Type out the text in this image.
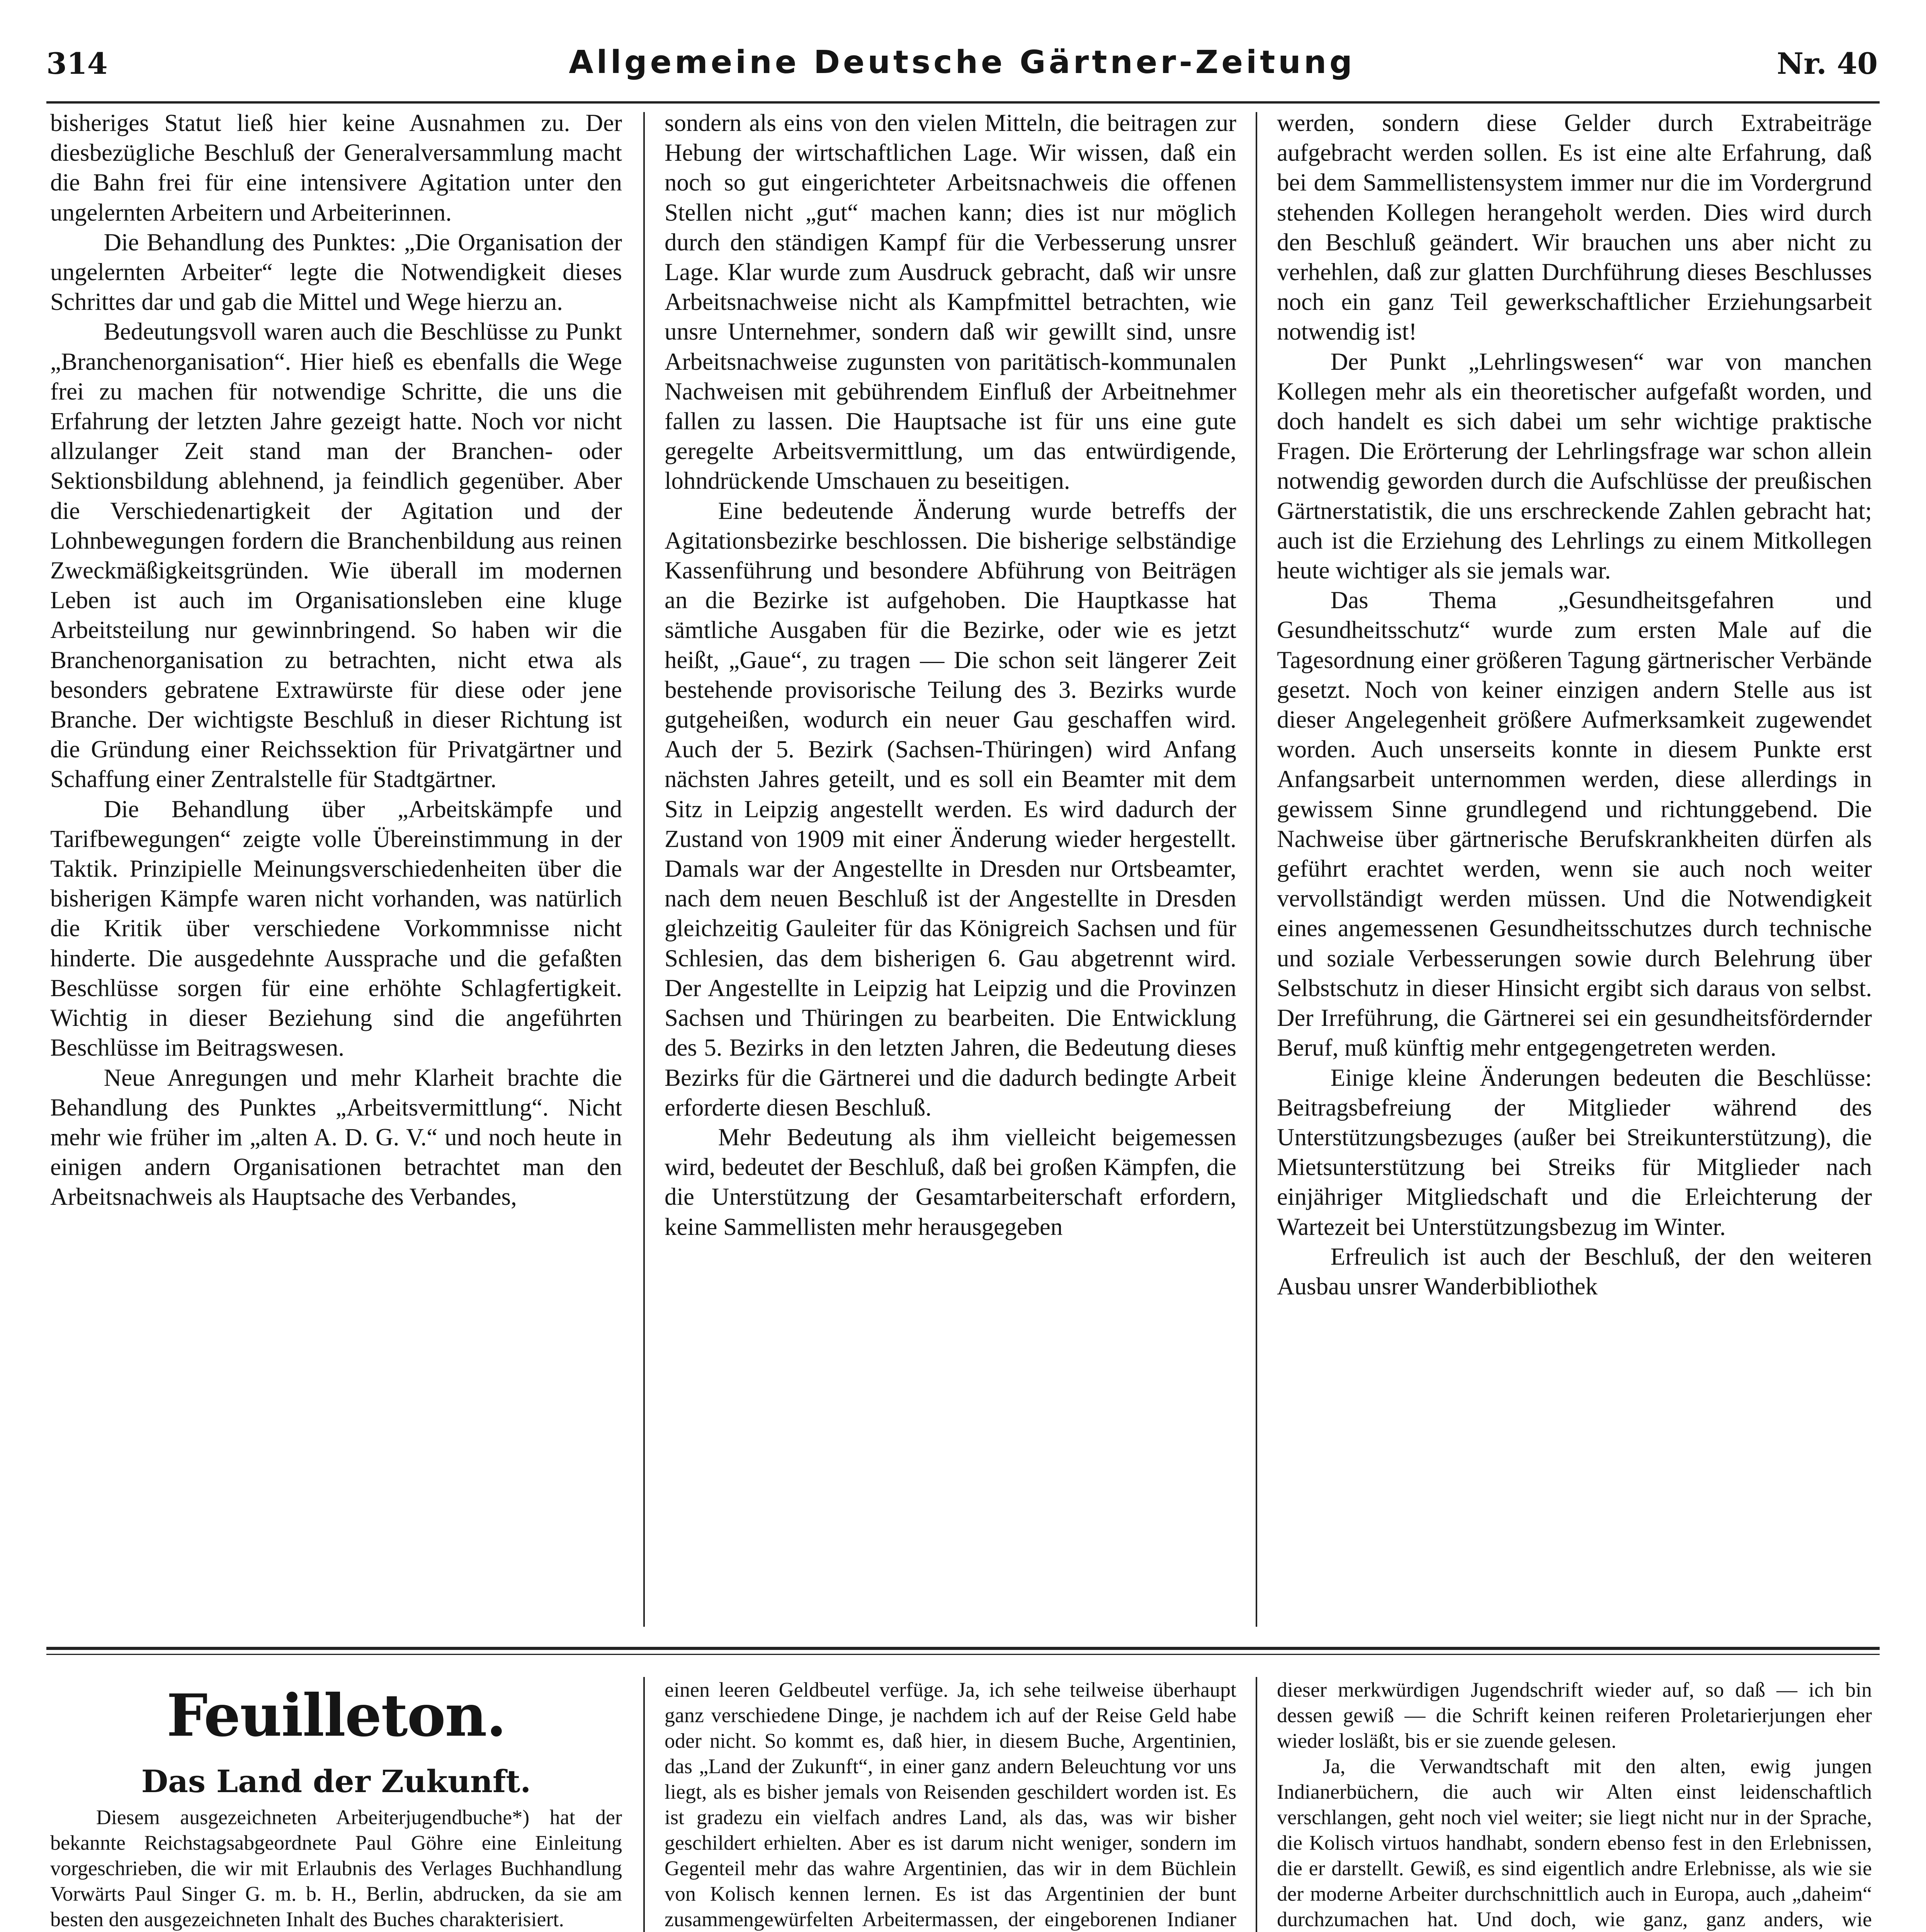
314	Allgemeine Deutsche Gärtner-Zeitung	Nr. 40

bisheriges Statut ließ hier keine Ausnahmen zu. Der diesbezügliche Beschluß der Generalversammlung macht die Bahn frei für eine intensivere Agitation unter den ungelernten Arbeitern und Arbeiterinnen.

Die Behandlung des Punktes: „Die Organisation der ungelernten Arbeiter“ legte die Notwendigkeit dieses Schrittes dar und gab die Mittel und Wege hierzu an.

Bedeutungsvoll waren auch die Beschlüsse zu Punkt „Branchenorganisation“. Hier hieß es ebenfalls die Wege frei zu machen für notwendige Schritte, die uns die Erfahrung der letzten Jahre gezeigt hatte. Noch vor nicht allzulanger Zeit stand man der Branchen- oder Sektionsbildung ablehnend, ja feindlich gegenüber. Aber die Verschiedenartigkeit der Agitation und der Lohnbewegungen fordern die Branchenbildung aus reinen Zweckmäßigkeitsgründen. Wie überall im modernen Leben ist auch im Organisationsleben eine kluge Arbeitsteilung nur gewinnbringend. So haben wir die Branchenorganisation zu betrachten, nicht etwa als besonders gebratene Extrawürste für diese oder jene Branche. Der wichtigste Beschluß in dieser Richtung ist die Gründung einer Reichssektion für Privatgärtner und Schaffung einer Zentralstelle für Stadtgärtner.

Die Behandlung über „Arbeitskämpfe und Tarifbewegungen“ zeigte volle Übereinstimmung in der Taktik. Prinzipielle Meinungsverschiedenheiten über die bisherigen Kämpfe waren nicht vorhanden, was natürlich die Kritik über verschiedene Vorkommnisse nicht hinderte. Die ausgedehnte Aussprache und die gefaßten Beschlüsse sorgen für eine erhöhte Schlagfertigkeit. Wichtig in dieser Beziehung sind die angeführten Beschlüsse im Beitragswesen.

Neue Anregungen und mehr Klarheit brachte die Behandlung des Punktes „Arbeitsvermittlung“. Nicht mehr wie früher im „alten A. D. G. V.“ und noch heute in einigen andern Organisationen betrachtet man den Arbeitsnachweis als Hauptsache des Verbandes,

sondern als eins von den vielen Mitteln, die beitragen zur Hebung der wirtschaftlichen Lage. Wir wissen, daß ein noch so gut eingerichteter Arbeitsnachweis die offenen Stellen nicht „gut“ machen kann; dies ist nur möglich durch den ständigen Kampf für die Verbesserung unsrer Lage. Klar wurde zum Ausdruck gebracht, daß wir unsre Arbeitsnachweise nicht als Kampfmittel betrachten, wie unsre Unternehmer, sondern daß wir gewillt sind, unsre Arbeitsnachweise zugunsten von paritätisch-kommunalen Nachweisen mit gebührendem Einfluß der Arbeitnehmer fallen zu lassen. Die Hauptsache ist für uns eine gute geregelte Arbeitsvermittlung, um das entwürdigende, lohndrückende Umschauen zu beseitigen.

Eine bedeutende Änderung wurde betreffs der Agitationsbezirke beschlossen. Die bisherige selbständige Kassenführung und besondere Abführung von Beiträgen an die Bezirke ist aufgehoben. Die Hauptkasse hat sämtliche Ausgaben für die Bezirke, oder wie es jetzt heißt, „Gaue“, zu tragen — Die schon seit längerer Zeit bestehende provisorische Teilung des 3. Bezirks wurde gutgeheißen, wodurch ein neuer Gau geschaffen wird. Auch der 5. Bezirk (Sachsen-Thüringen) wird Anfang nächsten Jahres geteilt, und es soll ein Beamter mit dem Sitz in Leipzig angestellt werden. Es wird dadurch der Zustand von 1909 mit einer Änderung wieder hergestellt. Damals war der Angestellte in Dresden nur Ortsbeamter, nach dem neuen Beschluß ist der Angestellte in Dresden gleichzeitig Gauleiter für das Königreich Sachsen und für Schlesien, das dem bisherigen 6. Gau abgetrennt wird. Der Angestellte in Leipzig hat Leipzig und die Provinzen Sachsen und Thüringen zu bearbeiten. Die Entwicklung des 5. Bezirks in den letzten Jahren, die Bedeutung dieses Bezirks für die Gärtnerei und die dadurch bedingte Arbeit erforderte diesen Beschluß.

Mehr Bedeutung als ihm vielleicht beigemessen wird, bedeutet der Beschluß, daß bei großen Kämpfen, die die Unterstützung der Gesamtarbeiterschaft erfordern, keine Sammellisten mehr herausgegeben

werden, sondern diese Gelder durch Extrabeiträge aufgebracht werden sollen. Es ist eine alte Erfahrung, daß bei dem Sammellistensystem immer nur die im Vordergrund stehenden Kollegen herangeholt werden. Dies wird durch den Beschluß geändert. Wir brauchen uns aber nicht zu verhehlen, daß zur glatten Durchführung dieses Beschlusses noch ein ganz Teil gewerkschaftlicher Erziehungsarbeit notwendig ist!

Der Punkt „Lehrlingswesen“ war von manchen Kollegen mehr als ein theoretischer aufgefaßt worden, und doch handelt es sich dabei um sehr wichtige praktische Fragen. Die Erörterung der Lehrlingsfrage war schon allein notwendig geworden durch die Aufschlüsse der preußischen Gärtnerstatistik, die uns erschreckende Zahlen gebracht hat; auch ist die Erziehung des Lehrlings zu einem Mitkollegen heute wichtiger als sie jemals war.

Das Thema „Gesundheitsgefahren und Gesundheitsschutz“ wurde zum ersten Male auf die Tagesordnung einer größeren Tagung gärtnerischer Verbände gesetzt. Noch von keiner einzigen andern Stelle aus ist dieser Angelegenheit größere Aufmerksamkeit zugewendet worden. Auch unserseits konnte in diesem Punkte erst Anfangsarbeit unternommen werden, diese allerdings in gewissem Sinne grundlegend und richtunggebend. Die Nachweise über gärtnerische Berufskrankheiten dürfen als geführt erachtet werden, wenn sie auch noch weiter vervollständigt werden müssen. Und die Notwendigkeit eines angemessenen Gesundheitsschutzes durch technische und soziale Verbesserungen sowie durch Belehrung über Selbstschutz in dieser Hinsicht ergibt sich daraus von selbst. Der Irreführung, die Gärtnerei sei ein gesundheitsfördernder Beruf, muß künftig mehr entgegengetreten werden.

Einige kleine Änderungen bedeuten die Beschlüsse: Beitragsbefreiung der Mitglieder während des Unterstützungsbezuges (außer bei Streikunterstützung), die Mietsunterstützung bei Streiks für Mitglieder nach einjähriger Mitgliedschaft und die Erleichterung der Wartezeit bei Unterstützungsbezug im Winter.

Erfreulich ist auch der Beschluß, der den weiteren Ausbau unsrer Wanderbibliothek

Feuilleton.
Das Land der Zukunft.

Diesem ausgezeichneten Arbeiterjugendbuche*) hat der bekannte Reichstagsabgeordnete Paul Göhre eine Einleitung vorgeschrieben, die wir mit Erlaubnis des Verlages Buchhandlung Vorwärts Paul Singer G. m. b. H., Berlin, abdrucken, da sie am besten den ausgezeichneten Inhalt des Buches charakterisiert.

einen leeren Geldbeutel verfüge. Ja, ich sehe teilweise überhaupt ganz verschiedene Dinge, je nachdem ich auf der Reise Geld habe oder nicht. So kommt es, daß hier, in diesem Buche, Argentinien, das „Land der Zukunft“, in einer ganz andern Beleuchtung vor uns liegt, als es bisher jemals von Reisenden geschildert worden ist. Es ist gradezu ein vielfach andres Land, als das, was wir bisher geschildert erhielten. Aber es ist darum nicht weniger, sondern im Gegenteil mehr das wahre Argentinien, das wir in dem Büchlein von Kolisch kennen lernen. Es ist das Argentinien der bunt zusammengewürfelten Arbeitermassen, der eingeborenen Indianer

dieser merkwürdigen Jugendschrift wieder auf, so daß — ich bin dessen gewiß — die Schrift keinen reiferen Proletarierjungen eher wieder losläßt, bis er sie zuende gelesen.

Ja, die Verwandtschaft mit den alten, ewig jungen Indianerbüchern, die auch wir Alten einst leidenschaftlich verschlangen, geht noch viel weiter; sie liegt nicht nur in der Sprache, die Kolisch virtuos handhabt, sondern ebenso fest in den Erlebnissen, die er darstellt. Gewiß, es sind eigentlich andre Erlebnisse, als wie sie der moderne Arbeiter durchschnittlich auch in Europa, auch „daheim“ durchzumachen hat. Und doch, wie ganz, ganz anders, wie
